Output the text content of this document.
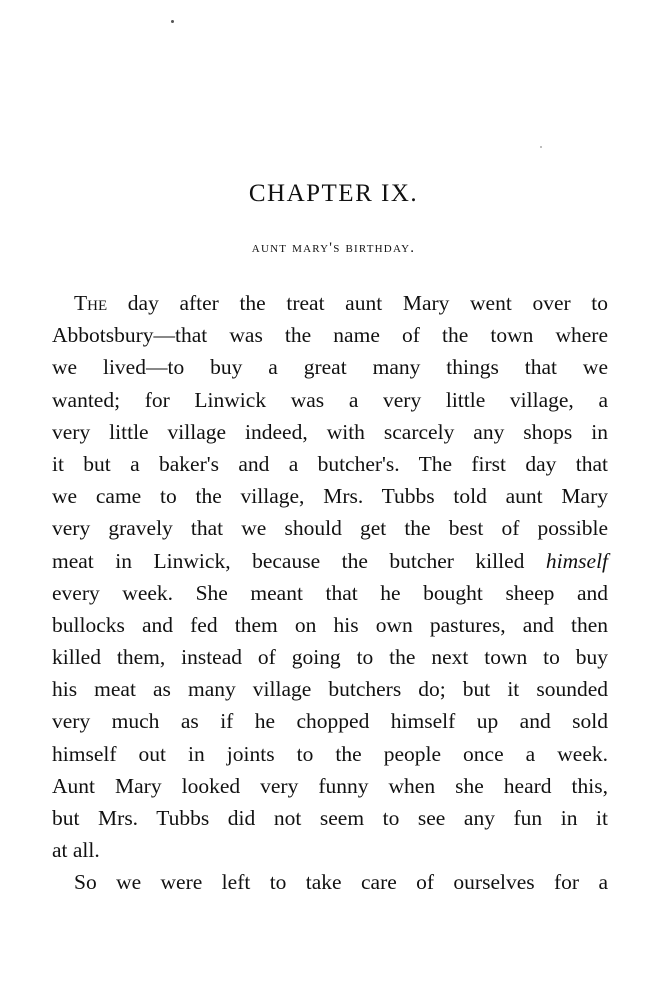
CHAPTER IX.
aunt mary's birthday.
The day after the treat aunt Mary went over to
Abbotsbury—that was the name of the town where
we lived—to buy a great many things that we
wanted; for Linwick was a very little village, a
very little village indeed, with scarcely any shops in
it but a baker's and a butcher's. The first day that
we came to the village, Mrs. Tubbs told aunt Mary
very gravely that we should get the best of possible
meat in Linwick, because the butcher killed himself
every week. She meant that he bought sheep and
bullocks and fed them on his own pastures, and then
killed them, instead of going to the next town to buy
his meat as many village butchers do; but it sounded
very much as if he chopped himself up and sold
himself out in joints to the people once a week.
Aunt Mary looked very funny when she heard this,
but Mrs. Tubbs did not seem to see any fun in it
at all.
So we were left to take care of ourselves for a
